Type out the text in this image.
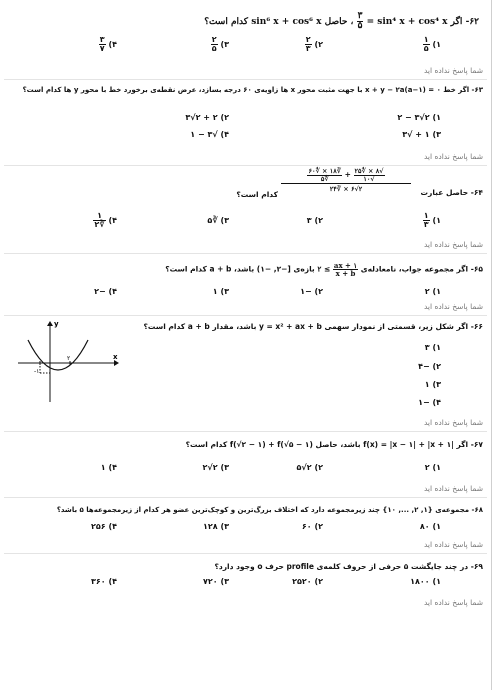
۶۲- اگر sin⁴ x + cos⁴ x =
$\frac{۳}{۵}$
، حاصل sin⁶ x + cos⁶ x کدام است؟
۱)
$\frac{۱}{۵}$
۲)
$\frac{۲}{۳}$
۳)
$\frac{۲}{۵}$
۴)
$\frac{۳}{۷}$
شما پاسخ نداده اید
۶۳- اگر خط ۰ = (۱−a)x + y − ۲a با جهت مثبت محور x ها زاویه‌ی ۶۰ درجه بسازد، عرض نقطه‌ی برخورد خط با محور y ها کدام است؟
۱) ۲√۳ − ۲
۲) ۲ + ۲√۳
۳) ۱ + √۳
۴) √۳ − ۱
شما پاسخ نداده اید
۶۴- حاصل عبارت
$\frac{√۸ \times ∜۲۵}{√۱۰}$
+
$\frac{∛۱۸ \times ∜۶۰}{∜۵}$
۲√۶ × ∛۲۴
کدام است؟
۱)
$\frac{۱}{۳}$
۲) ۳
۳) ∛۵
۴)
$\frac{۱}{∛۲}$
شما پاسخ نداده اید
۶۵- اگر مجموعه جواب، نامعادله‌ی
$\frac{ax + ۱}{x + b}$
≥ ۲ بازه‌ی [−۲, −۱) باشد، a + b کدام است؟
۱) ۲
۲) −۱
۳) ۱
۴) −۲
شما پاسخ نداده اید
۶۶- اگر شکل زیر، قسمتی از نمودار سهمی y = x² + ax + b باشد، مقدار a + b کدام است؟
۱) ۳
۲) −۴
۳) ۱
۴) −۱
x
y
-۱
۲
شما پاسخ نداده اید
۶۷- اگر |f(x) = |x − ۱| + |x + ۱ باشد، حاصل f(√۲ − ۱) + f(√۵ − ۱) کدام است؟
۱) ۲
۲) ۲√۵
۳) ۲√۲
۴) ۱
شما پاسخ نداده اید
۶۸- مجموعه‌ی {۱, ۲, ..., ۱۰} چند زیرمجموعه دارد که اختلاف بزرگ‌ترین و کوچک‌ترین عضو هر کدام از زیرمجموعه‌ها ۵ باشد؟
۱) ۸۰
۲) ۶۰
۳) ۱۲۸
۴) ۲۵۶
شما پاسخ نداده اید
۶۹- در چند جایگشت ۵ حرفی از حروف کلمه‌ی profile حرف o وجود دارد؟
۱) ۱۸۰۰
۲) ۲۵۲۰
۳) ۷۲۰
۴) ۳۶۰
شما پاسخ نداده اید
